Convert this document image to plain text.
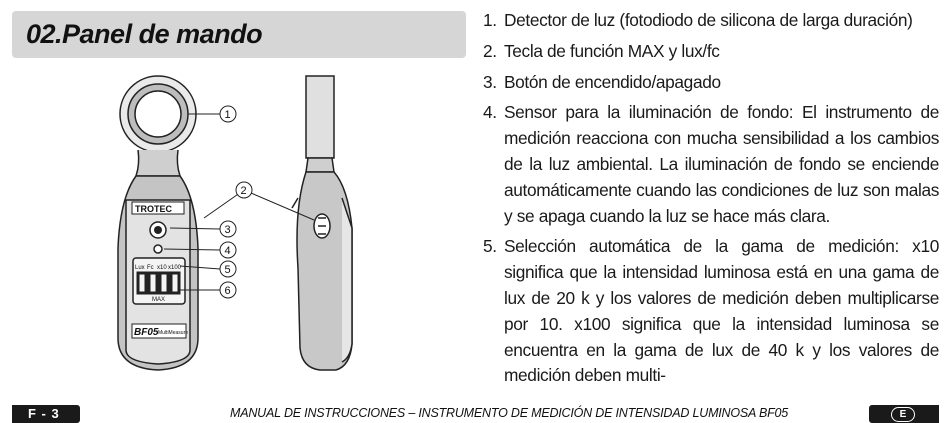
02.Panel de mando
TROTEC
Lux Fc x10 x100
MAX
BF05 MultiMeasure
1
2
3
4
5
6
1. Detector de luz (fotodiodo de silicona de larga duración)
2. Tecla de función MAX y lux/fc
3. Botón de encendido/apagado
4. Sensor para la iluminación de fondo: El instrumento de medición reacciona con mucha sensibilidad a los cambios de la luz ambiental. La iluminación de fondo se enciende automáticamente cuando las condiciones de luz son malas y se apaga cuando la luz se hace más clara.
5. Selección automática de la gama de medición: x10 significa que la intensidad luminosa está en una gama de lux de 20 k y los valores de medición deben multiplicarse por 10. x100 significa que la intensidad luminosa se encuentra en la gama de lux de 40 k y los valores de medición deben multi-
F - 3	MANUAL DE INSTRUCCIONES – INSTRUMENTO DE MEDICIÓN DE INTENSIDAD LUMINOSA BF05	E
